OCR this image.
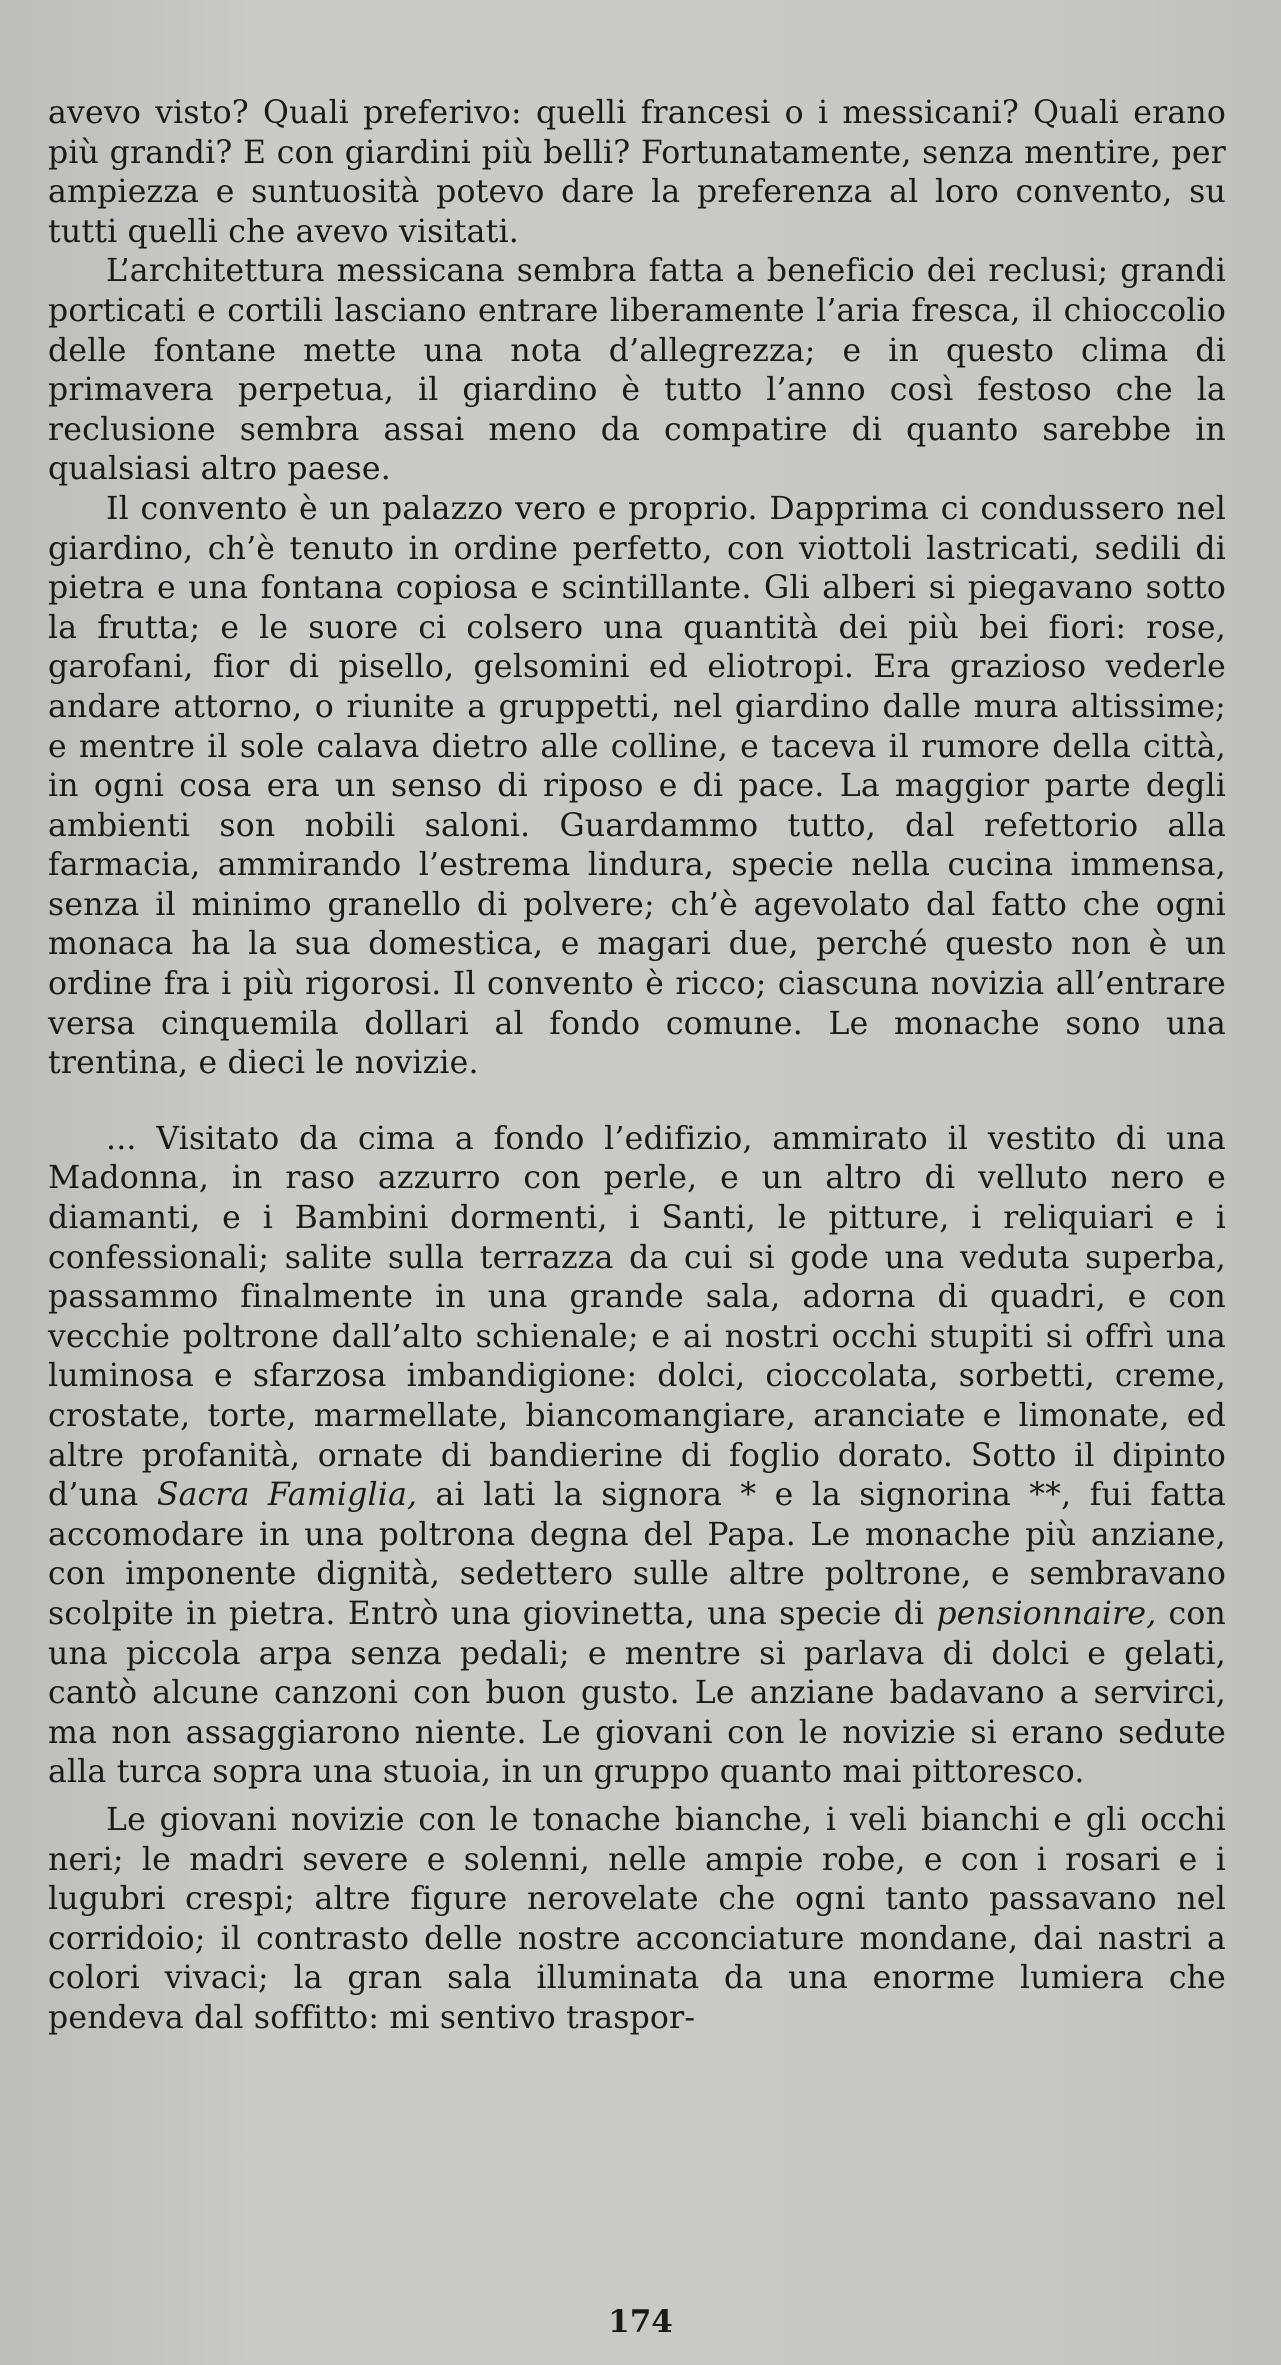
avevo visto? Quali preferivo: quelli francesi o i messicani? Quali erano più grandi? E con giardini più belli? Fortunatamente, senza mentire, per ampiezza e suntuosità potevo dare la preferenza al loro convento, su tutti quelli che avevo visitati.

L’architettura messicana sembra fatta a beneficio dei reclusi; grandi porticati e cortili lasciano entrare liberamente l’aria fresca, il chioccolio delle fontane mette una nota d’allegrezza; e in questo clima di primavera perpetua, il giardino è tutto l’anno così festoso che la reclusione sembra assai meno da compatire di quanto sarebbe in qualsiasi altro paese.

Il convento è un palazzo vero e proprio. Dapprima ci condussero nel giardino, ch’è tenuto in ordine perfetto, con viottoli lastricati, sedili di pietra e una fontana copiosa e scintillante. Gli alberi si piegavano sotto la frutta; e le suore ci colsero una quantità dei più bei fiori: rose, garofani, fior di pisello, gelsomini ed eliotropi. Era grazioso vederle andare attorno, o riunite a gruppetti, nel giardino dalle mura altissime; e mentre il sole calava dietro alle colline, e taceva il rumore della città, in ogni cosa era un senso di riposo e di pace. La maggior parte degli ambienti son nobili saloni. Guardammo tutto, dal refettorio alla farmacia, ammirando l’estrema lindura, specie nella cucina immensa, senza il minimo granello di polvere; ch’è agevolato dal fatto che ogni monaca ha la sua domestica, e magari due, perché questo non è un ordine fra i più rigorosi. Il convento è ricco; ciascuna novizia all’entrare versa cinquemila dollari al fondo comune. Le monache sono una trentina, e dieci le novizie.

... Visitato da cima a fondo l’edifizio, ammirato il vestito di una Madonna, in raso azzurro con perle, e un altro di velluto nero e diamanti, e i Bambini dormenti, i Santi, le pitture, i reliquiari e i confessionali; salite sulla terrazza da cui si gode una veduta superba, passammo finalmente in una grande sala, adorna di quadri, e con vecchie poltrone dall’alto schienale; e ai nostri occhi stupiti si offrì una luminosa e sfarzosa imbandigione: dolci, cioccolata, sorbetti, creme, crostate, torte, marmellate, biancomangiare, aranciate e limonate, ed altre profanità, ornate di bandierine di foglio dorato. Sotto il dipinto d’una Sacra Famiglia, ai lati la signora * e la signorina **, fui fatta accomodare in una poltrona degna del Papa. Le monache più anziane, con imponente dignità, sedettero sulle altre poltrone, e sembravano scolpite in pietra. Entrò una giovinetta, una specie di pensionnaire, con una piccola arpa senza pedali; e mentre si parlava di dolci e gelati, cantò alcune canzoni con buon gusto. Le anziane badavano a servirci, ma non assaggiarono niente. Le giovani con le novizie si erano sedute alla turca sopra una stuoia, in un gruppo quanto mai pittoresco.

Le giovani novizie con le tonache bianche, i veli bianchi e gli occhi neri; le madri severe e solenni, nelle ampie robe, e con i rosari e i lugubri crespi; altre figure nerovelate che ogni tanto passavano nel corridoio; il contrasto delle nostre acconciature mondane, dai nastri a colori vivaci; la gran sala illuminata da una enorme lumiera che pendeva dal soffitto: mi sentivo traspor-

174
